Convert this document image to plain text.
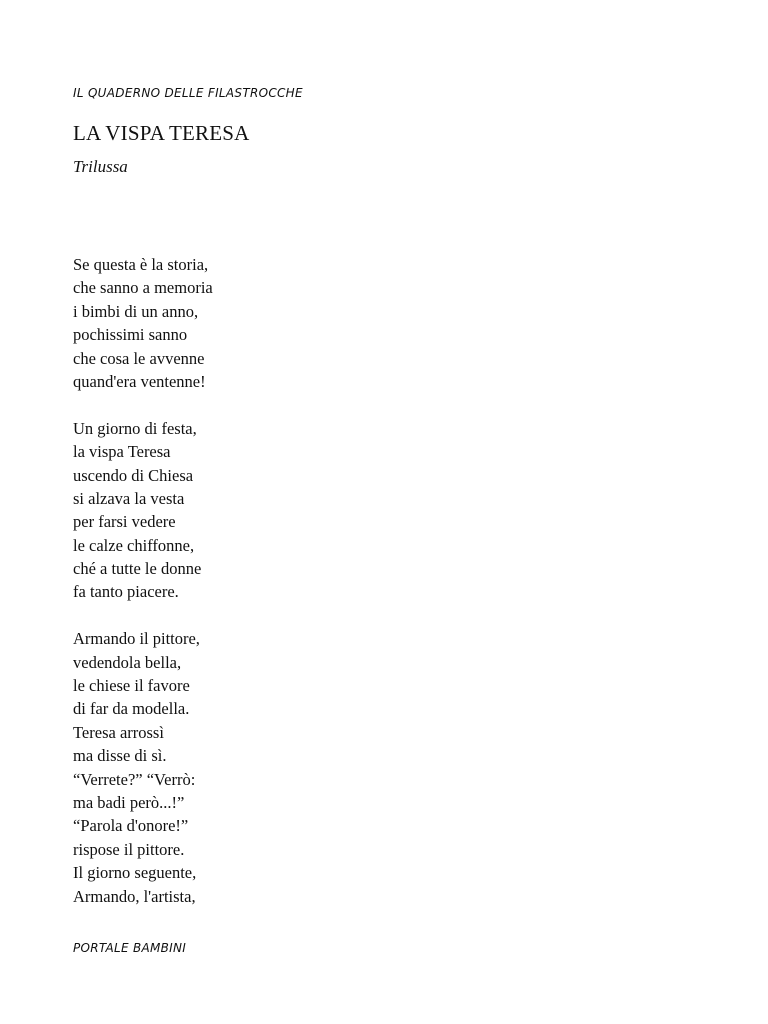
IL QUADERNO DELLE FILASTROCCHE
LA VISPA TERESA
Trilussa
Se questa è la storia,
che sanno a memoria
i bimbi di un anno,
pochissimi sanno
che cosa le avvenne
quand'era ventenne!
Un giorno di festa,
la vispa Teresa
uscendo di Chiesa
si alzava la vesta
per farsi vedere
le calze chiffonne,
ché a tutte le donne
fa tanto piacere.
Armando il pittore,
vedendola bella,
le chiese il favore
di far da modella.
Teresa arrossì
ma disse di sì.
“Verrete?” “Verrò:
ma badi però...!”
“Parola d'onore!”
rispose il pittore.
Il giorno seguente,
Armando, l'artista,
PORTALE BAMBINI
